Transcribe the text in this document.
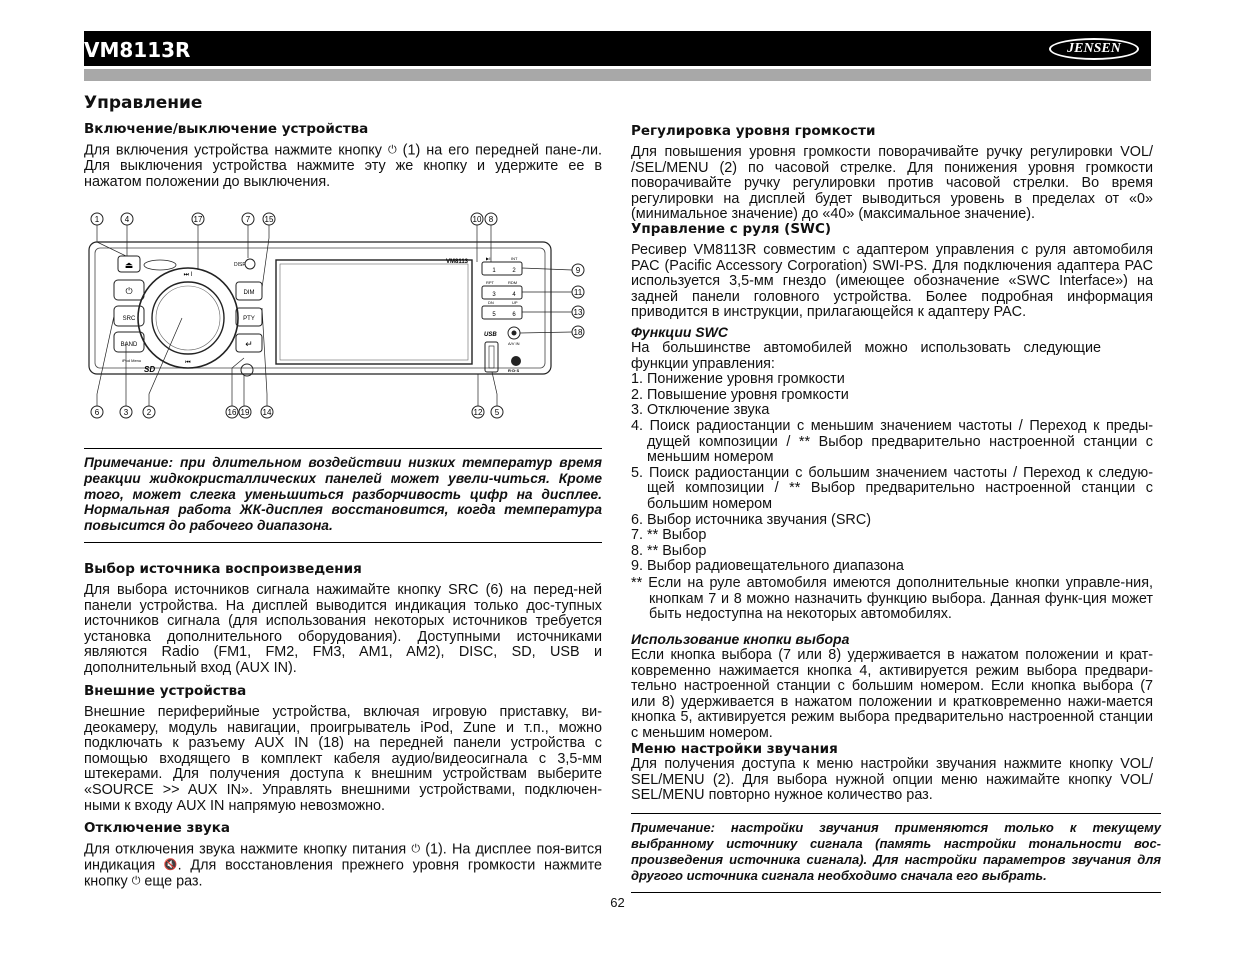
VM8113R	JENSEN
Управление
Включение/выключение устройства

Для включения устройства нажмите кнопку ⏻ (1) на его передней пане-ли. Для выключения устройства нажмите эту же кнопку и удержите ее в нажатом положении до выключения.

⏏
⏻
SRC
BAND
iPod Menu
SD
⏭ I
⏮
DISP
DIM
PTY
↵
VM8113
▶II	INT
1	2
RPT	RDM
3	4
DN	UP
5	6
USB
A/V IN
R·D·S
1	4	17	7 15	10 8
9
11
13
18
6	3 2	16 19 14	12 5

Примечание: при длительном воздействии низких температур время реакции жидкокристаллических панелей может увели-читься. Кроме того, может слегка уменьшиться разборчивость цифр на дисплее. Нормальная работа ЖК-дисплея восстановится, когда температура повысится до рабочего диапазона.

Выбор источника воспроизведения

Для выбора источников сигнала нажимайте кнопку SRC (6) на перед-ней панели устройства. На дисплей выводится индикация только дос-тупных источников сигнала (для использования некоторых источников требуется установка дополнительного оборудования). Доступными источниками являются Radio (FM1, FM2, FM3, AM1, AM2), DISC, SD, USB и дополнительный вход (AUX IN).

Внешние устройства

Внешние периферийные устройства, включая игровую приставку, ви-деокамеру, модуль навигации, проигрыватель iPod, Zune и т.п., можно подключать к разъему AUX IN (18) на передней панели устройства с помощью входящего в комплект кабеля аудио/видеосигнала с 3,5-мм штекерами. Для получения доступа к внешним устройствам выберите «SOURCE >> AUX IN». Управлять внешними устройствами, подключен-ными к входу AUX IN напрямую невозможно.

Отключение звука

Для отключения звука нажмите кнопку питания ⏻ (1). На дисплее поя-вится индикация 🔇. Для восстановления прежнего уровня громкости нажмите кнопку ⏻ еще раз.

Регулировка уровня громкости

Для повышения уровня громкости поворачивайте ручку регулировки VOL/ /SEL/MENU (2) по часовой стрелке. Для понижения уровня громкости поворачивайте ручку регулировки против часовой стрелки. Во время регулировки на дисплей будет выводиться уровень в пределах от «0» (минимальное значение) до «40» (максимальное значение).

Управление с руля (SWC)

Ресивер VM8113R совместим с адаптером управления с руля автомобиля PAC (Pacific Accessory Corporation) SWI-PS. Для подключения адаптера PAC используется 3,5-мм гнездо (имеющее обозначение «SWC Interface») на задней панели головного устройства. Более подробная информация приводится в инструкции, прилагающейся к адаптеру PAC.

Функции SWC

На большинстве автомобилей можно использовать следующие функции управления:

1. Понижение уровня громкости
2. Повышение уровня громкости
3. Отключение звука
4. Поиск радиостанции с меньшим значением частоты / Переход к преды-дущей композиции / ** Выбор предварительно настроенной станции с меньшим номером
5. Поиск радиостанции с большим значением частоты / Переход к следую-щей композиции / ** Выбор предварительно настроенной станции с большим номером
6. Выбор источника звучания (SRC)
7. ** Выбор
8. ** Выбор
9. Выбор радиовещательного диапазона
** Если на руле автомобиля имеются дополнительные кнопки управле-ния, кнопкам 7 и 8 можно назначить функцию выбора. Данная функ-ция может быть недоступна на некоторых автомобилях.
Использование кнопки выбора

Если кнопка выбора (7 или 8) удерживается в нажатом положении и крат-ковременно нажимается кнопка 4, активируется режим выбора предвари-тельно настроенной станции с большим номером. Если кнопка выбора (7 или 8) удерживается в нажатом положении и кратковременно нажи-мается кнопка 5, активируется режим выбора предварительно настроенной станции с меньшим номером.

Меню настройки звучания

Для получения доступа к меню настройки звучания нажмите кнопку VOL/ SEL/MENU (2). Для выбора нужной опции меню нажимайте кнопку VOL/ SEL/MENU повторно нужное количество раз.

Примечание: настройки звучания применяются только к текущему выбранному источнику сигнала (память настройки тональности вос-произведения источника сигнала). Для настройки параметров звучания для другого источника сигнала необходимо сначала его выбрать.

62
